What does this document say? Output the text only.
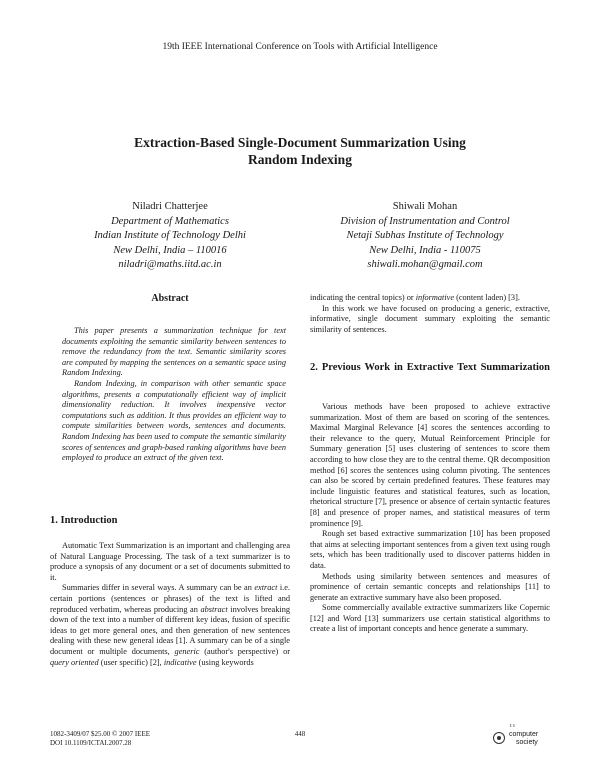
19th IEEE International Conference on Tools with Artificial Intelligence
Extraction-Based Single-Document Summarization Using
Random Indexing
Niladri Chatterjee
Department of Mathematics
Indian Institute of Technology Delhi
New Delhi, India – 110016
niladri@maths.iitd.ac.in
Shiwali Mohan
Division of Instrumentation and Control
Netaji Subhas Institute of Technology
New Delhi, India - 110075
shiwali.mohan@gmail.com
Abstract

This paper presents a summarization technique for text documents exploiting the semantic similarity between sentences to remove the redundancy from the text. Semantic similarity scores are computed by mapping the sentences on a semantic space using Random Indexing.

Random Indexing, in comparison with other semantic space algorithms, presents a computationally efficient way of implicit dimensionality reduction. It involves inexpensive vector computations such as addition. It thus provides an efficient way to compute similarities between words, sentences and documents. Random Indexing has been used to compute the semantic similarity scores of sentences and graph-based ranking algorithms have been employed to produce an extract of the given text.

1. Introduction

Automatic Text Summarization is an important and challenging area of Natural Language Processing. The task of a text summarizer is to produce a synopsis of any document or a set of documents submitted to it.

Summaries differ in several ways. A summary can be an extract i.e. certain portions (sentences or phrases) of the text is lifted and reproduced verbatim, whereas producing an abstract involves breaking down of the text into a number of different key ideas, fusion of specific ideas to get more general ones, and then generation of new sentences dealing with these new general ideas [1]. A summary can be of a single document or multiple documents, generic (author's perspective) or query oriented (user specific) [2], indicative (using keywords

indicating the central topics) or informative (content laden) [3].

In this work we have focused on producing a generic, extractive, informative, single document summary exploiting the semantic similarity of sentences.

2. Previous Work in Extractive Text Summarization

Various methods have been proposed to achieve extractive summarization. Most of them are based on scoring of the sentences. Maximal Marginal Relevance [4] scores the sentences according to their relevance to the query, Mutual Reinforcement Principle for Summary generation [5] uses clustering of sentences to score them according to how close they are to the central theme. QR decomposition method [6] scores the sentences using column pivoting. The sentences can also be scored by certain predefined features. These features may include linguistic features and statistical features, such as location, rhetorical structure [7], presence or absence of certain syntactic features [8] and presence of proper names, and statistical measures of term prominence [9].

Rough set based extractive summarization [10] has been proposed that aims at selecting important sentences from a given text using rough sets, which has been traditionally used to discover patterns hidden in data.

Methods using similarity between sentences and measures of prominence of certain semantic concepts and relationships [11] to generate an extractive summary have also been proposed.

Some commercially available extractive summarizers like Copernic [12] and Word [13] summarizers use certain statistical algorithms to create a list of important concepts and hence generate a summary.

1082-3409/07 $25.00 © 2007 IEEE
DOI 10.1109/ICTAI.2007.28
448
ı ı
computer
society
